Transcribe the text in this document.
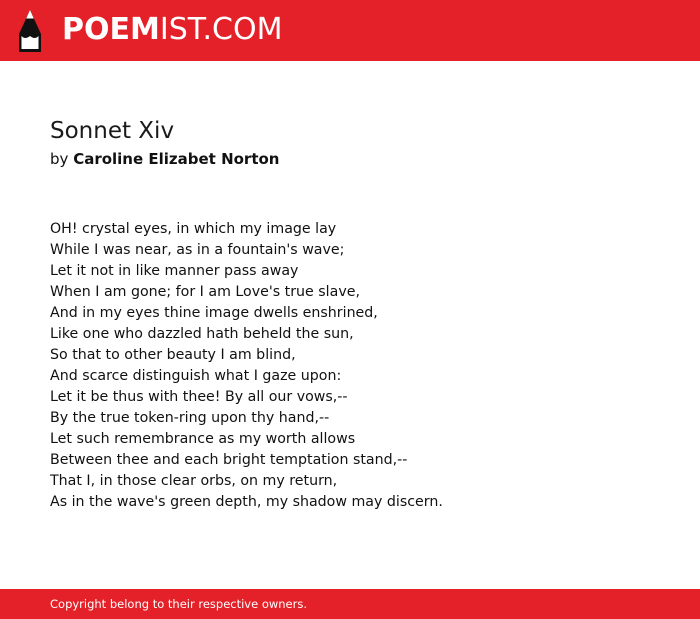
POEMIST.COM
Sonnet Xiv
by Caroline Elizabet Norton
OH! crystal eyes, in which my image lay
While I was near, as in a fountain's wave;
Let it not in like manner pass away
When I am gone; for I am Love's true slave,
And in my eyes thine image dwells enshrined,
Like one who dazzled hath beheld the sun,
So that to other beauty I am blind,
And scarce distinguish what I gaze upon:
Let it be thus with thee! By all our vows,--
By the true token-ring upon thy hand,--
Let such remembrance as my worth allows
Between thee and each bright temptation stand,--
That I, in those clear orbs, on my return,
As in the wave's green depth, my shadow may discern.
Copyright belong to their respective owners.
